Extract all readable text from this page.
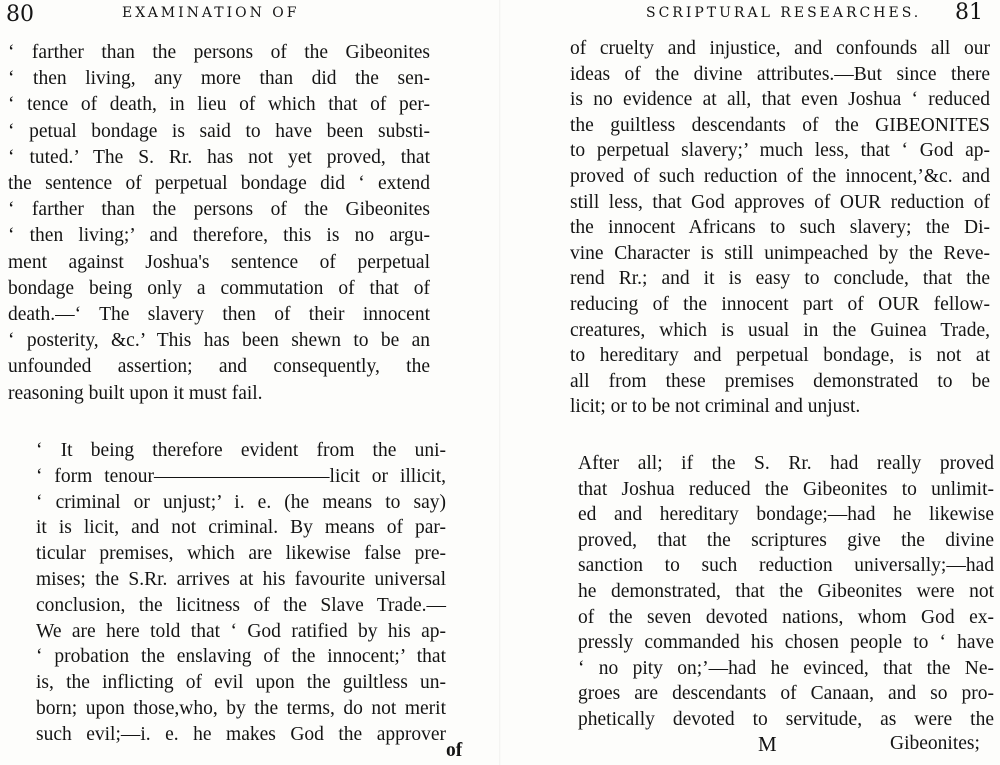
80	EXAMINATION OF

‘ farther than the persons of the Gibeonites

‘ then living, any more than did the sen-

‘ tence of death, in lieu of which that of per-

‘ petual bondage is said to have been substi-

‘ tuted.’ The S. Rr. has not yet proved, that

the sentence of perpetual bondage did ‘ extend

‘ farther than the persons of the Gibeonites

‘ then living;’ and therefore, this is no argu-

ment against Joshua's sentence of perpetual

bondage being only a commutation of that of

death.—‘ The slavery then of their innocent

‘ posterity, &c.’ This has been shewn to be an

unfounded assertion; and consequently, the

reasoning built upon it must fail.

‘ It being therefore evident from the uni-

‘ form tenour—————————licit or illicit,

‘ criminal or unjust;’ i. e. (he means to say)

it is licit, and not criminal. By means of par-

ticular premises, which are likewise false pre-

mises; the S.Rr. arrives at his favourite universal

conclusion, the licitness of the Slave Trade.—

We are here told that ‘ God ratified by his ap-

‘ probation the enslaving of the innocent;’ that

is, the inflicting of evil upon the guiltless un-

born; upon those,who, by the terms, do not merit

such evil;—i. e. he makes God the approver

of
SCRIPTURAL RESEARCHES. 81

of cruelty and injustice, and confounds all our

ideas of the divine attributes.—But since there

is no evidence at all, that even Joshua ‘ reduced

the guiltless descendants of the GIBEONITES

to perpetual slavery;’ much less, that ‘ God ap-

proved of such reduction of the innocent,’&c. and

still less, that God approves of OUR reduction of

the innocent Africans to such slavery; the Di-

vine Character is still unimpeached by the Reve-

rend Rr.; and it is easy to conclude, that the

reducing of the innocent part of OUR fellow-

creatures, which is usual in the Guinea Trade,

to hereditary and perpetual bondage, is not at

all from these premises demonstrated to be

licit; or to be not criminal and unjust.

After all; if the S. Rr. had really proved

that Joshua reduced the Gibeonites to unlimit-

ed and hereditary bondage;—had he likewise

proved, that the scriptures give the divine

sanction to such reduction universally;—had

he demonstrated, that the Gibeonites were not

of the seven devoted nations, whom God ex-

pressly commanded his chosen people to ‘ have

‘ no pity on;’—had he evinced, that the Ne-

groes are descendants of Canaan, and so pro-

phetically devoted to servitude, as were the

M	Gibeonites;
